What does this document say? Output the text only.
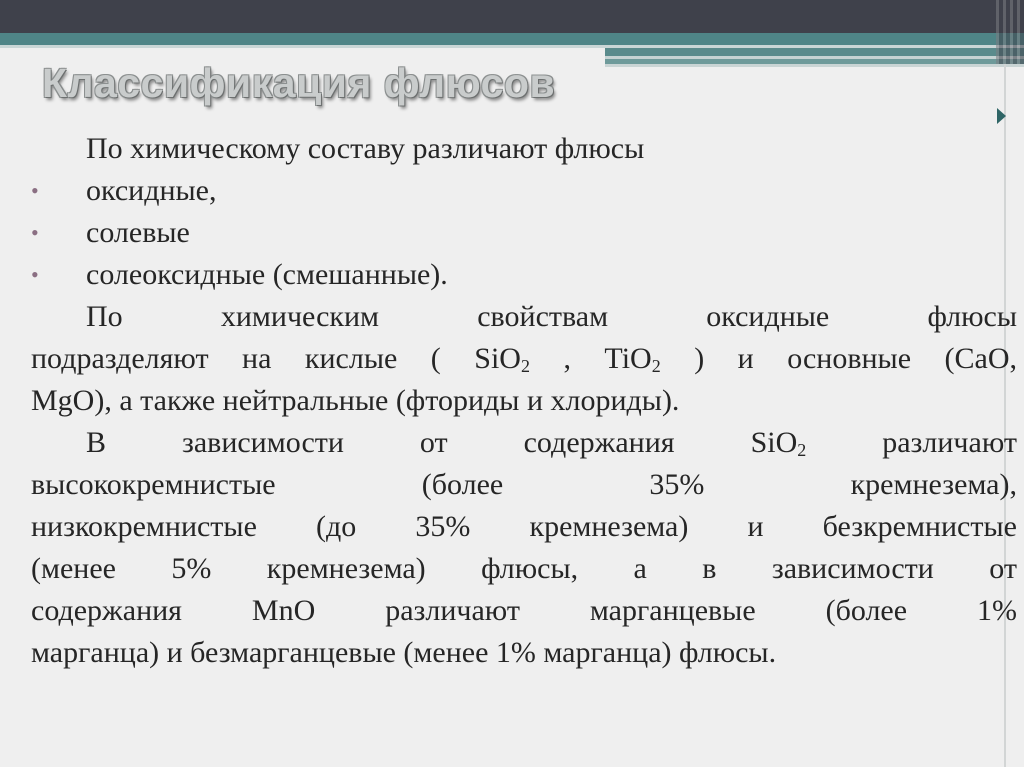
Классификация флюсов
По химическому составу различают флюсы
• оксидные,
• солевые
• солеоксидные (смешанные).
По	химическим	свойствам	оксидные	флюсы
подразделяют на кислые ( SiO$_2$ , TiO$_2$ ) и основные (CaO,
MgO), а также нейтральные (фториды и хлориды).
В	зависимости	от	содержания	SiO$_2$	различают
высококремнистые	(более	35%	кремнезема),
низкокремнистые (до 35% кремнезема) и безкремнистые
(менее 5% кремнезема) флюсы, а в зависимости от
содержания MnO различают марганцевые (более 1%
марганца) и безмарганцевые (менее 1% марганца) флюсы.
